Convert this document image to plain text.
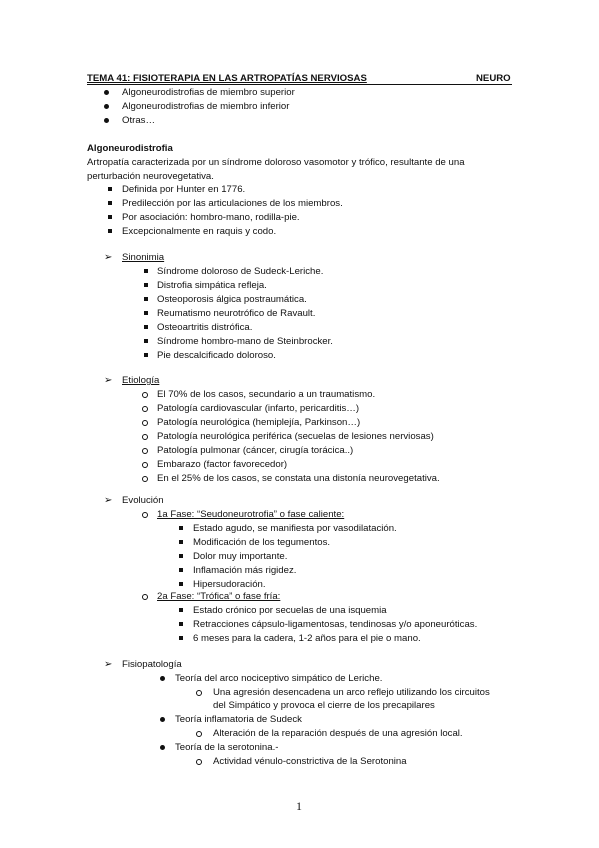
TEMA 41: FISIOTERAPIA EN LAS ARTROPATÍAS NERVIOSAS	NEURO
Algoneurodistrofias de miembro superior
Algoneurodistrofias de miembro inferior
Otras…
Algoneurodistrofia
Artropatía caracterizada por un síndrome doloroso vasomotor y trófico, resultante de una
perturbación neurovegetativa.
Definida por Hunter en 1776.
Predilección por las articulaciones de los miembros.
Por asociación: hombro-mano, rodilla-pie.
Excepcionalmente en raquis y codo.
➢ Sinonimia
Síndrome doloroso de Sudeck-Leriche.
Distrofia simpática refleja.
Osteoporosis álgica postraumática.
Reumatismo neurotrófico de Ravault.
Osteoartritis distrófica.
Síndrome hombro-mano de Steinbrocker.
Pie descalcificado doloroso.
➢ Etiología
El 70% de los casos, secundario a un traumatismo.
Patología cardiovascular (infarto, pericarditis…)
Patología neurológica (hemiplejía, Parkinson…)
Patología neurológica periférica (secuelas de lesiones nerviosas)
Patología pulmonar (cáncer, cirugía torácica..)
Embarazo (factor favorecedor)
En el 25% de los casos, se constata una distonía neurovegetativa.
➢ Evolución
1a Fase: “Seudoneurotrofia” o fase caliente:
Estado agudo, se manifiesta por vasodilatación.
Modificación de los tegumentos.
Dolor muy importante.
Inflamación más rigidez.
Hipersudoración.
2a Fase: “Trófica” o fase fría:
Estado crónico por secuelas de una isquemia
Retracciones cápsulo-ligamentosas, tendinosas y/o aponeuróticas.
6 meses para la cadera, 1-2 años para el pie o mano.
➢ Fisiopatología
Teoría del arco nociceptivo simpático de Leriche.
Una agresión desencadena un arco reflejo utilizando los circuitos
del Simpático y provoca el cierre de los precapilares
Teoría inflamatoria de Sudeck
Alteración de la reparación después de una agresión local.
Teoría de la serotonina.-
Actividad vénulo-constrictiva de la Serotonina
1
